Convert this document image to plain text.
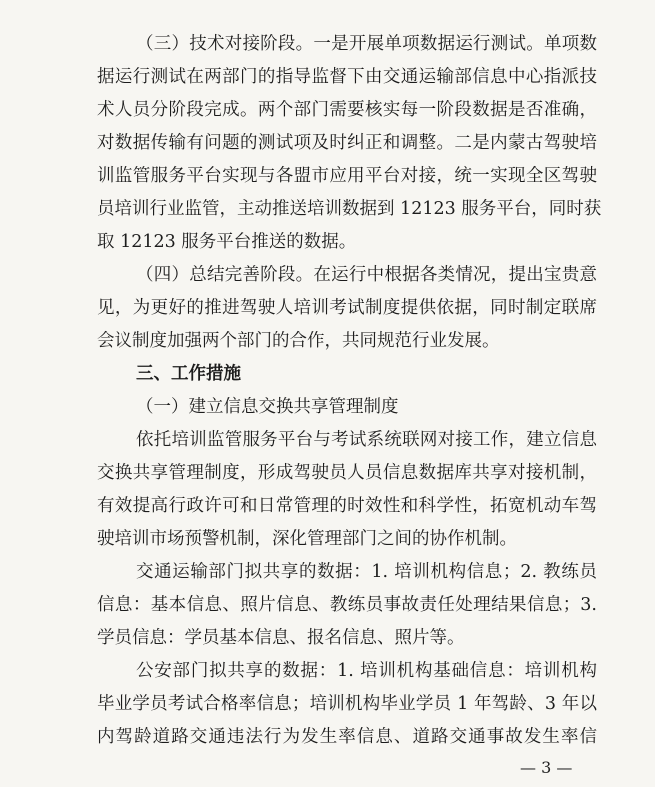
（三）技术对接阶段。一是开展单项数据运行测试。单项数
据运行测试在两部门的指导监督下由交通运输部信息中心指派技
术人员分阶段完成。两个部门需要核实每一阶段数据是否准确，
对数据传输有问题的测试项及时纠正和调整。二是内蒙古驾驶培
训监管服务平台实现与各盟市应用平台对接，统一实现全区驾驶
员培训行业监管，主动推送培训数据到 12123 服务平台，同时获
取 12123 服务平台推送的数据。
（四）总结完善阶段。在运行中根据各类情况，提出宝贵意
见，为更好的推进驾驶人培训考试制度提供依据，同时制定联席
会议制度加强两个部门的合作，共同规范行业发展。
三、工作措施
（一）建立信息交换共享管理制度
依托培训监管服务平台与考试系统联网对接工作，建立信息
交换共享管理制度，形成驾驶员人员信息数据库共享对接机制，
有效提高行政许可和日常管理的时效性和科学性，拓宽机动车驾
驶培训市场预警机制，深化管理部门之间的协作机制。
交通运输部门拟共享的数据：1. 培训机构信息；2. 教练员
信息：基本信息、照片信息、教练员事故责任处理结果信息；3.
学员信息：学员基本信息、报名信息、照片等。
公安部门拟共享的数据：1. 培训机构基础信息：培训机构
毕业学员考试合格率信息；培训机构毕业学员 1 年驾龄、3 年以
内驾龄道路交通违法行为发生率信息、道路交通事故发生率信
— 3 —
